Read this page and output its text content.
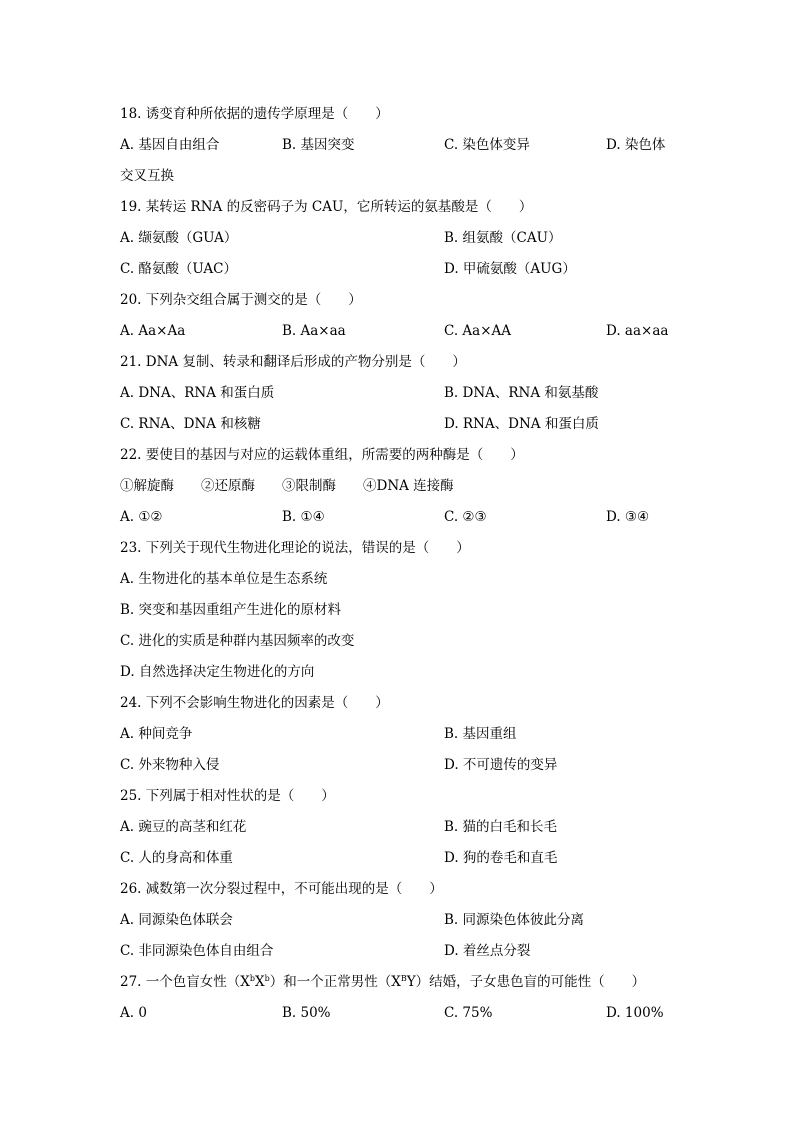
18. 诱变育种所依据的遗传学原理是（　　）
A. 基因自由组合	B. 基因突变	C. 染色体变异	D. 染色体
交叉互换
19. 某转运 RNA 的反密码子为 CAU，它所转运的氨基酸是（　　）
A. 缬氨酸（GUA）	B. 组氨酸（CAU）
C. 酪氨酸（UAC）	D. 甲硫氨酸（AUG）
20. 下列杂交组合属于测交的是（　　）
A. Aa×Aa	B. Aa×aa	C. Aa×AA	D. aa×aa
21. DNA 复制、转录和翻译后形成的产物分别是（　　）
A. DNA、RNA 和蛋白质	B. DNA、RNA 和氨基酸
C. RNA、DNA 和核糖	D. RNA、DNA 和蛋白质
22. 要使目的基因与对应的运载体重组，所需要的两种酶是（　　）
①解旋酶　　②还原酶　　③限制酶　　④DNA 连接酶
A. ①②	B. ①④	C. ②③	D. ③④
23. 下列关于现代生物进化理论的说法，错误的是（　　）
A. 生物进化的基本单位是生态系统
B. 突变和基因重组产生进化的原材料
C. 进化的实质是种群内基因频率的改变
D. 自然选择决定生物进化的方向
24. 下列不会影响生物进化的因素是（　　）
A. 种间竞争	B. 基因重组
C. 外来物种入侵	D. 不可遗传的变异
25. 下列属于相对性状的是（　　）
A. 豌豆的高茎和红花	B. 猫的白毛和长毛
C. 人的身高和体重	D. 狗的卷毛和直毛
26. 减数第一次分裂过程中，不可能出现的是（　　）
A. 同源染色体联会	B. 同源染色体彼此分离
C. 非同源染色体自由组合	D. 着丝点分裂
27. 一个色盲女性$(X^bX^b)$和一个正常男性$(X^BY)$结婚，子女患色盲的可能性（　　）
A. 0	B. 50%	C. 75%	D. 100%
